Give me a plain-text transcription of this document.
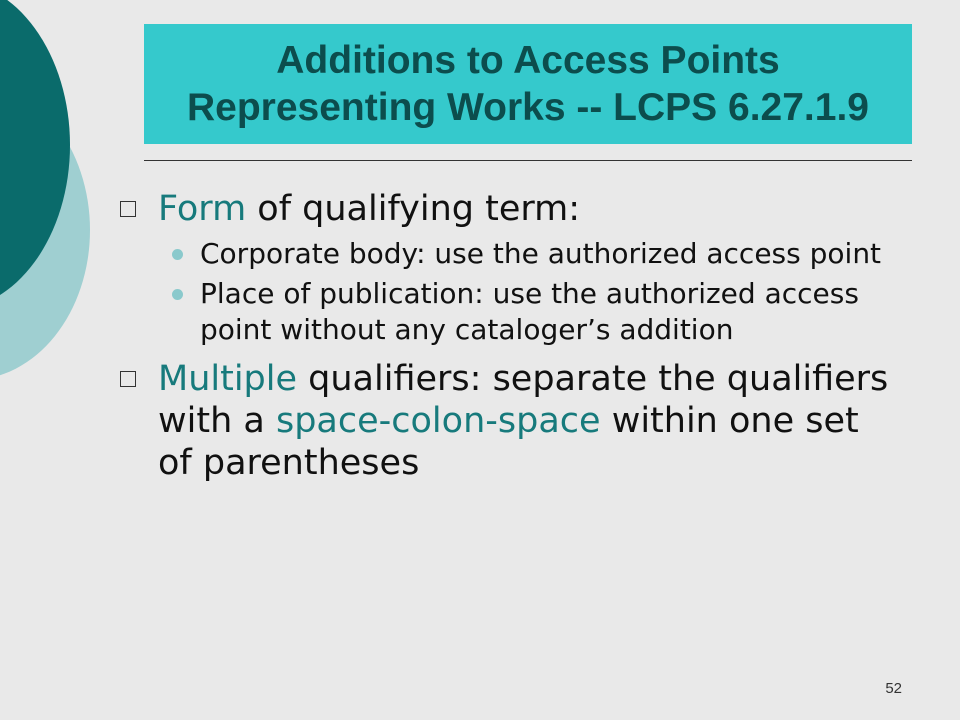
Additions to Access Points
Representing Works -- LCPS 6.27.1.9
Form of qualifying term:
Corporate body: use the authorized access point
Place of publication: use the authorized access point without any cataloger’s addition
Multiple qualifiers: separate the qualifiers with a space-colon-space within one set of parentheses
52
